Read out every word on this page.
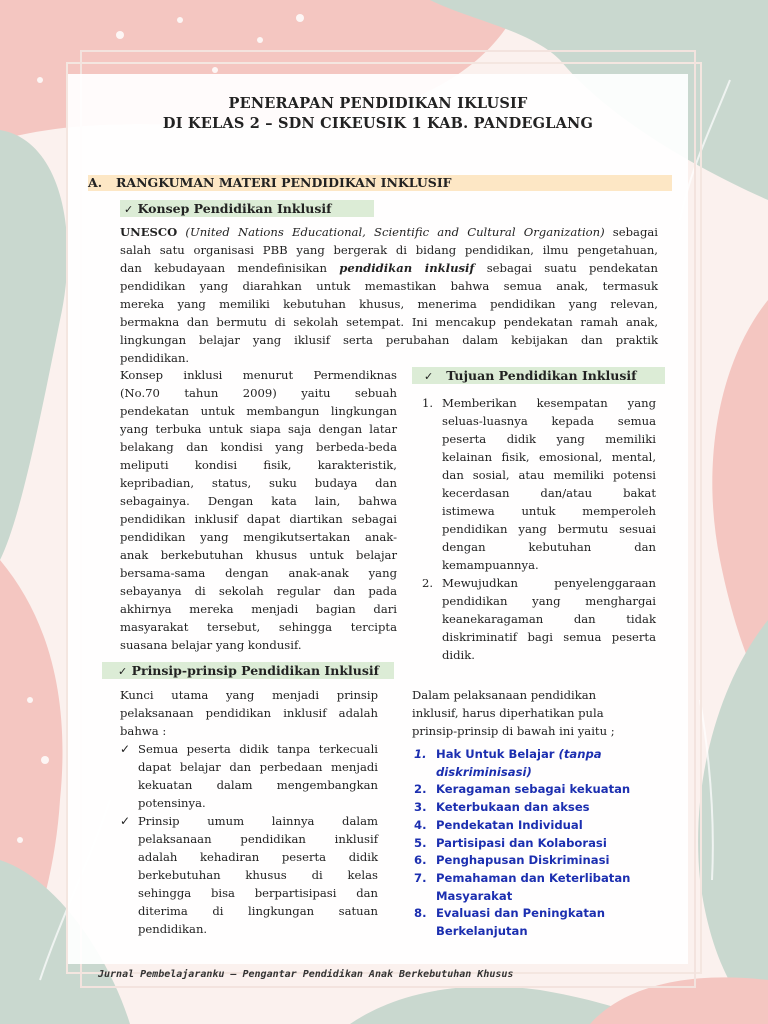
PENERAPAN PENDIDIKAN IKLUSIF
DI KELAS 2 – SDN CIKEUSIK 1 KAB. PANDEGLANG
A. RANGKUMAN MATERI PENDIDIKAN INKLUSIF
✓ Konsep Pendidikan Inklusif
UNESCO (United Nations Educational, Scientific and Cultural Organization) sebagai
salah satu organisasi PBB yang bergerak di bidang pendidikan, ilmu pengetahuan,
dan kebudayaan mendefinisikan pendidikan inklusif sebagai suatu pendekatan
pendidikan yang diarahkan untuk memastikan bahwa semua anak, termasuk
mereka yang memiliki kebutuhan khusus, menerima pendidikan yang relevan,
bermakna dan bermutu di sekolah setempat. Ini mencakup pendekatan ramah anak,
lingkungan belajar yang iklusif serta perubahan dalam kebijakan dan praktik
pendidikan.
Konsep inklusi menurut Permendiknas
(No.70 tahun 2009) yaitu sebuah
pendekatan untuk membangun lingkungan
yang terbuka untuk siapa saja dengan latar
belakang dan kondisi yang berbeda-beda
meliputi kondisi fisik, karakteristik,
kepribadian, status, suku budaya dan
sebagainya. Dengan kata lain, bahwa
pendidikan inklusif dapat diartikan sebagai
pendidikan yang mengikutsertakan anak-
anak berkebutuhan khusus untuk belajar
bersama-sama dengan anak-anak yang
sebayanya di sekolah regular dan pada
akhirnya mereka menjadi bagian dari
masyarakat tersebut, sehingga tercipta
suasana belajar yang kondusif.
✓ Tujuan Pendidikan Inklusif
1. Memberikan kesempatan yang
seluas-luasnya kepada semua
peserta didik yang memiliki
kelainan fisik, emosional, mental,
dan sosial, atau memiliki potensi
kecerdasan dan/atau bakat
istimewa untuk memperoleh
pendidikan yang bermutu sesuai
dengan kebutuhan dan
kemampuannya.
2. Mewujudkan penyelenggaraan
pendidikan yang menghargai
keanekaragaman dan tidak
diskriminatif bagi semua peserta
didik.
✓ Prinsip-prinsip Pendidikan Inklusif
Kunci utama yang menjadi prinsip
pelaksanaan pendidikan inklusif adalah
bahwa :
✓ Semua peserta didik tanpa terkecuali
dapat belajar dan perbedaan menjadi
kekuatan dalam mengembangkan
potensinya.
✓ Prinsip umum lainnya dalam
pelaksanaan pendidikan inklusif
adalah kehadiran peserta didik
berkebutuhan khusus di kelas
sehingga bisa berpartisipasi dan
diterima di lingkungan satuan
pendidikan.
Dalam pelaksanaan pendidikan
inklusif, harus diperhatikan pula
prinsip-prinsip di bawah ini yaitu ;
1. Hak Untuk Belajar (tanpa
diskriminisasi)
2. Keragaman sebagai kekuatan
3. Keterbukaan dan akses
4. Pendekatan Individual
5. Partisipasi dan Kolaborasi
6. Penghapusan Diskriminasi
7. Pemahaman dan Keterlibatan
Masyarakat
8. Evaluasi dan Peningkatan
Berkelanjutan
Jurnal Pembelajaranku – Pengantar Pendidikan Anak Berkebutuhan Khusus
